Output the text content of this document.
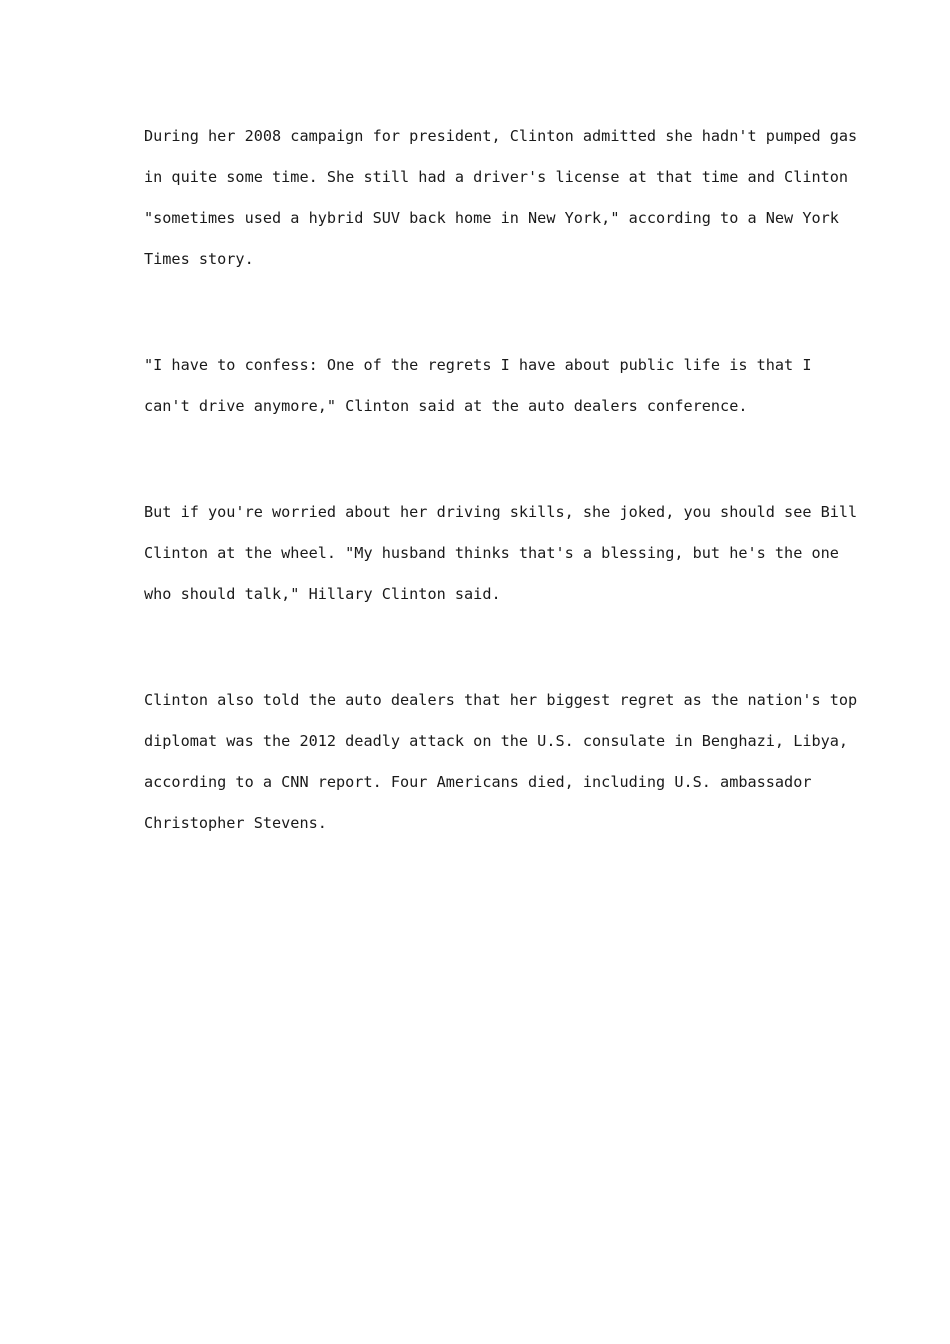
During her 2008 campaign for president, Clinton admitted she hadn't pumped gas
in quite some time. She still had a driver's license at that time and Clinton
"sometimes used a hybrid SUV back home in New York," according to a New York
Times story.

"I have to confess: One of the regrets I have about public life is that I
can't drive anymore," Clinton said at the auto dealers conference.

But if you're worried about her driving skills, she joked, you should see Bill
Clinton at the wheel. "My husband thinks that's a blessing, but he's the one
who should talk," Hillary Clinton said.

Clinton also told the auto dealers that her biggest regret as the nation's top
diplomat was the 2012 deadly attack on the U.S. consulate in Benghazi, Libya,
according to a CNN report. Four Americans died, including U.S. ambassador
Christopher Stevens.
